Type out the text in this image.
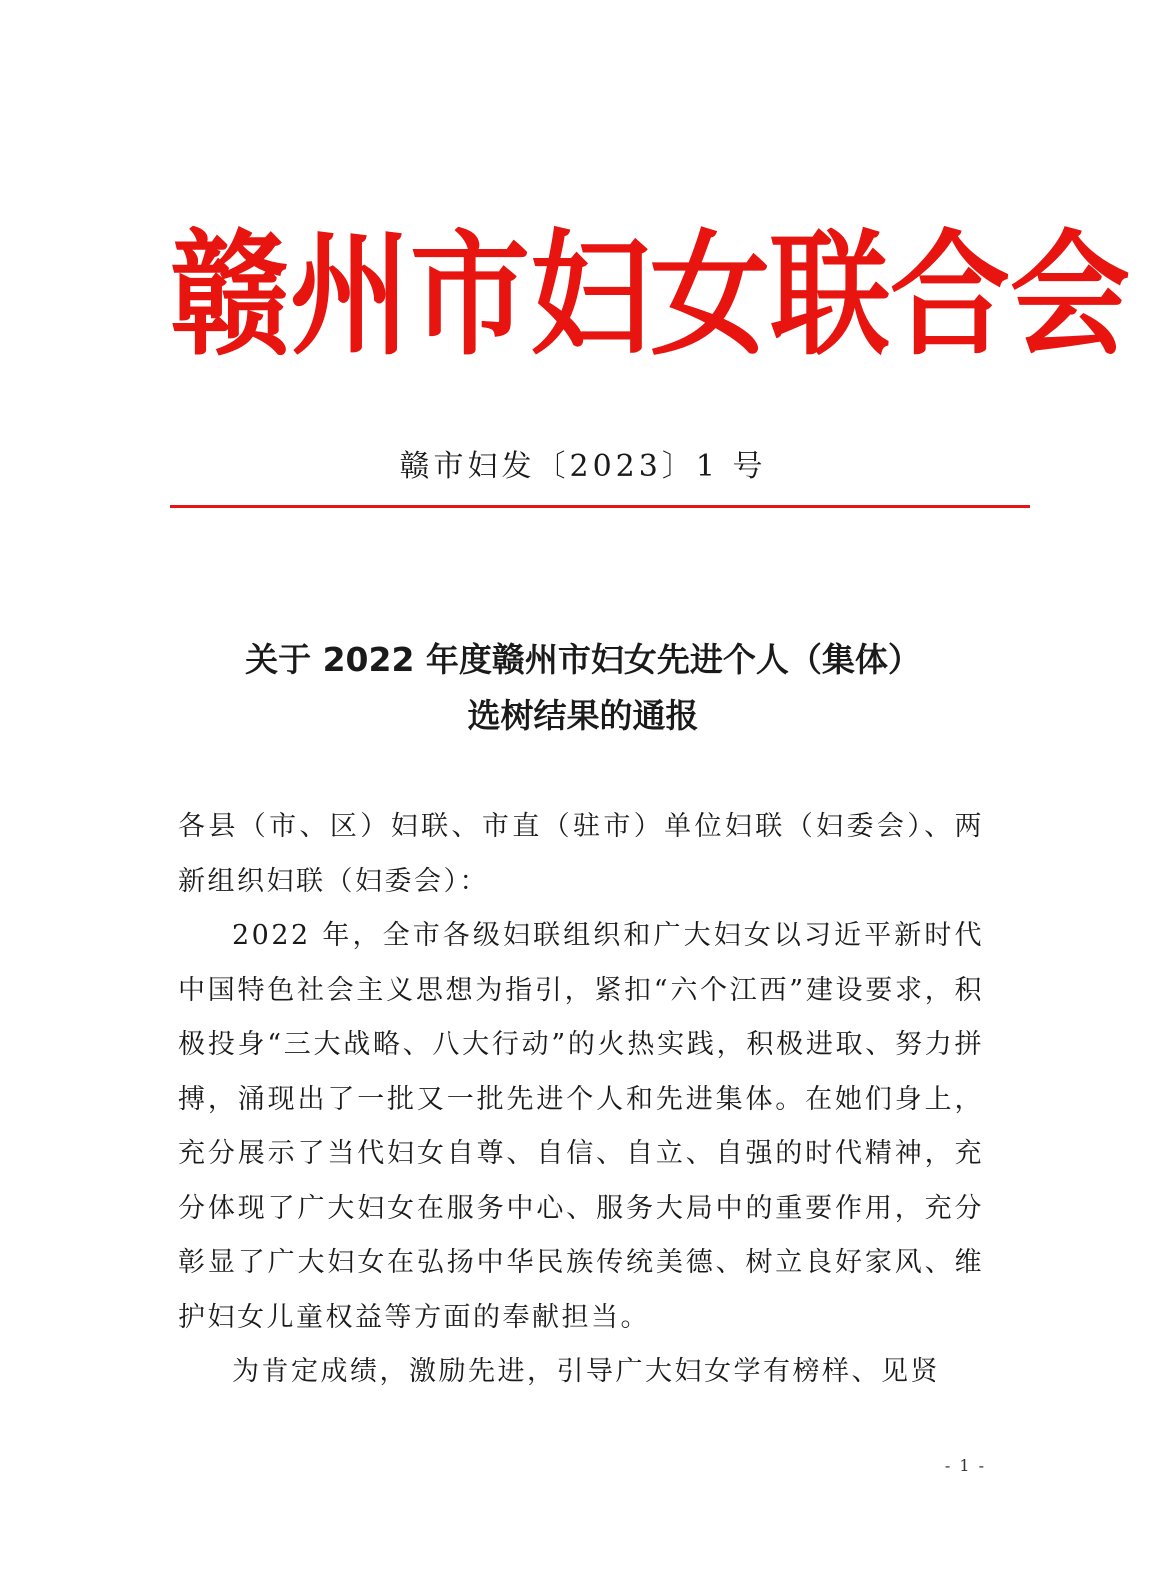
赣 州 市 妇 女 联 合 会
赣市妇发〔2023〕1 号
关于 2022 年度赣州市妇女先进个人（集体）
选树结果的通报

各县（市、区）妇联、市直（驻市）单位妇联（妇委会）、两新组织妇联（妇委会）：

2022 年，全市各级妇联组织和广大妇女以习近平新时代中国特色社会主义思想为指引，紧扣“六个江西”建设要求，积极投身“三大战略、八大行动”的火热实践，积极进取、努力拼搏，涌现出了一批又一批先进个人和先进集体。在她们身上，充分展示了当代妇女自尊、自信、自立、自强的时代精神，充分体现了广大妇女在服务中心、服务大局中的重要作用，充分彰显了广大妇女在弘扬中华民族传统美德、树立良好家风、维护妇女儿童权益等方面的奉献担当。

为肯定成绩，激励先进，引导广大妇女学有榜样、见贤

- 1 -
